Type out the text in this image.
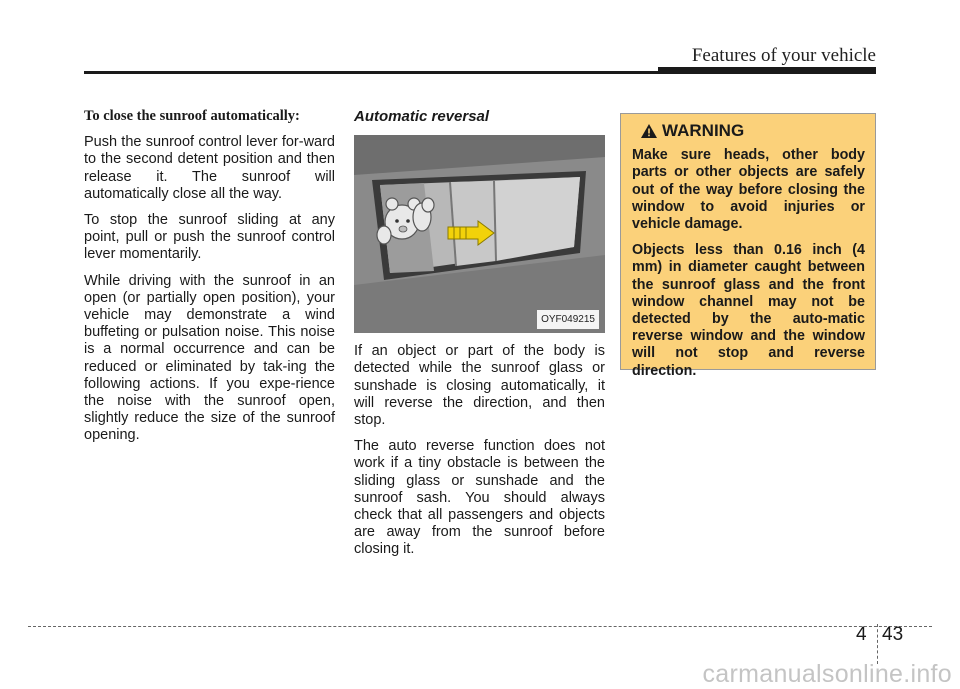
Features of your vehicle
To close the sunroof automatically:

Push the sunroof control lever for-ward to the second detent position and then release it. The sunroof will automatically close all the way.

To stop the sunroof sliding at any point, pull or push the sunroof control lever momentarily.

While driving with the sunroof in an open (or partially open position), your vehicle may demonstrate a wind buffeting or pulsation noise. This noise is a normal occurrence and can be reduced or eliminated by tak-ing the following actions. If you expe-rience the noise with the sunroof open, slightly reduce the size of the sunroof opening.

Automatic reversal
OYF049215

If an object or part of the body is detected while the sunroof glass or sunshade is closing automatically, it will reverse the direction, and then stop.

The auto reverse function does not work if a tiny obstacle is between the sliding glass or sunshade and the sunroof sash. You should always check that all passengers and objects are away from the sunroof before closing it.

WARNING

Make sure heads, other body parts or other objects are safely out of the way before closing the window to avoid injuries or vehicle damage.

Objects less than 0.16 inch (4 mm) in diameter caught between the sunroof glass and the front window channel may not be detected by the auto-matic reverse window and the window will not stop and reverse direction.

4 43
carmanualsonline.info
